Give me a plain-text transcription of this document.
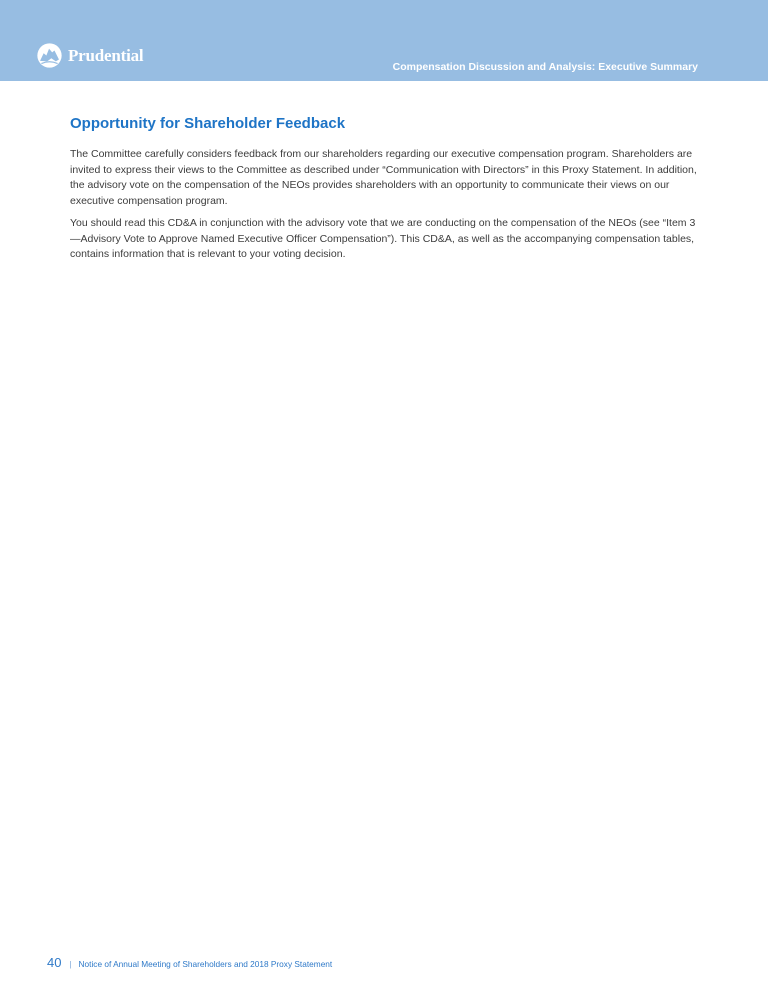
Prudential
Compensation Discussion and Analysis: Executive Summary
Opportunity for Shareholder Feedback

The Committee carefully considers feedback from our shareholders regarding our executive compensation program. Shareholders are invited to express their views to the Committee as described under “Communication with Directors” in this Proxy Statement. In addition, the advisory vote on the compensation of the NEOs provides shareholders with an opportunity to communicate their views on our executive compensation program.

You should read this CD&A in conjunction with the advisory vote that we are conducting on the compensation of the NEOs (see “Item 3—Advisory Vote to Approve Named Executive Officer Compensation”). This CD&A, as well as the accompanying compensation tables, contains information that is relevant to your voting decision.

40 | Notice of Annual Meeting of Shareholders and 2018 Proxy Statement
